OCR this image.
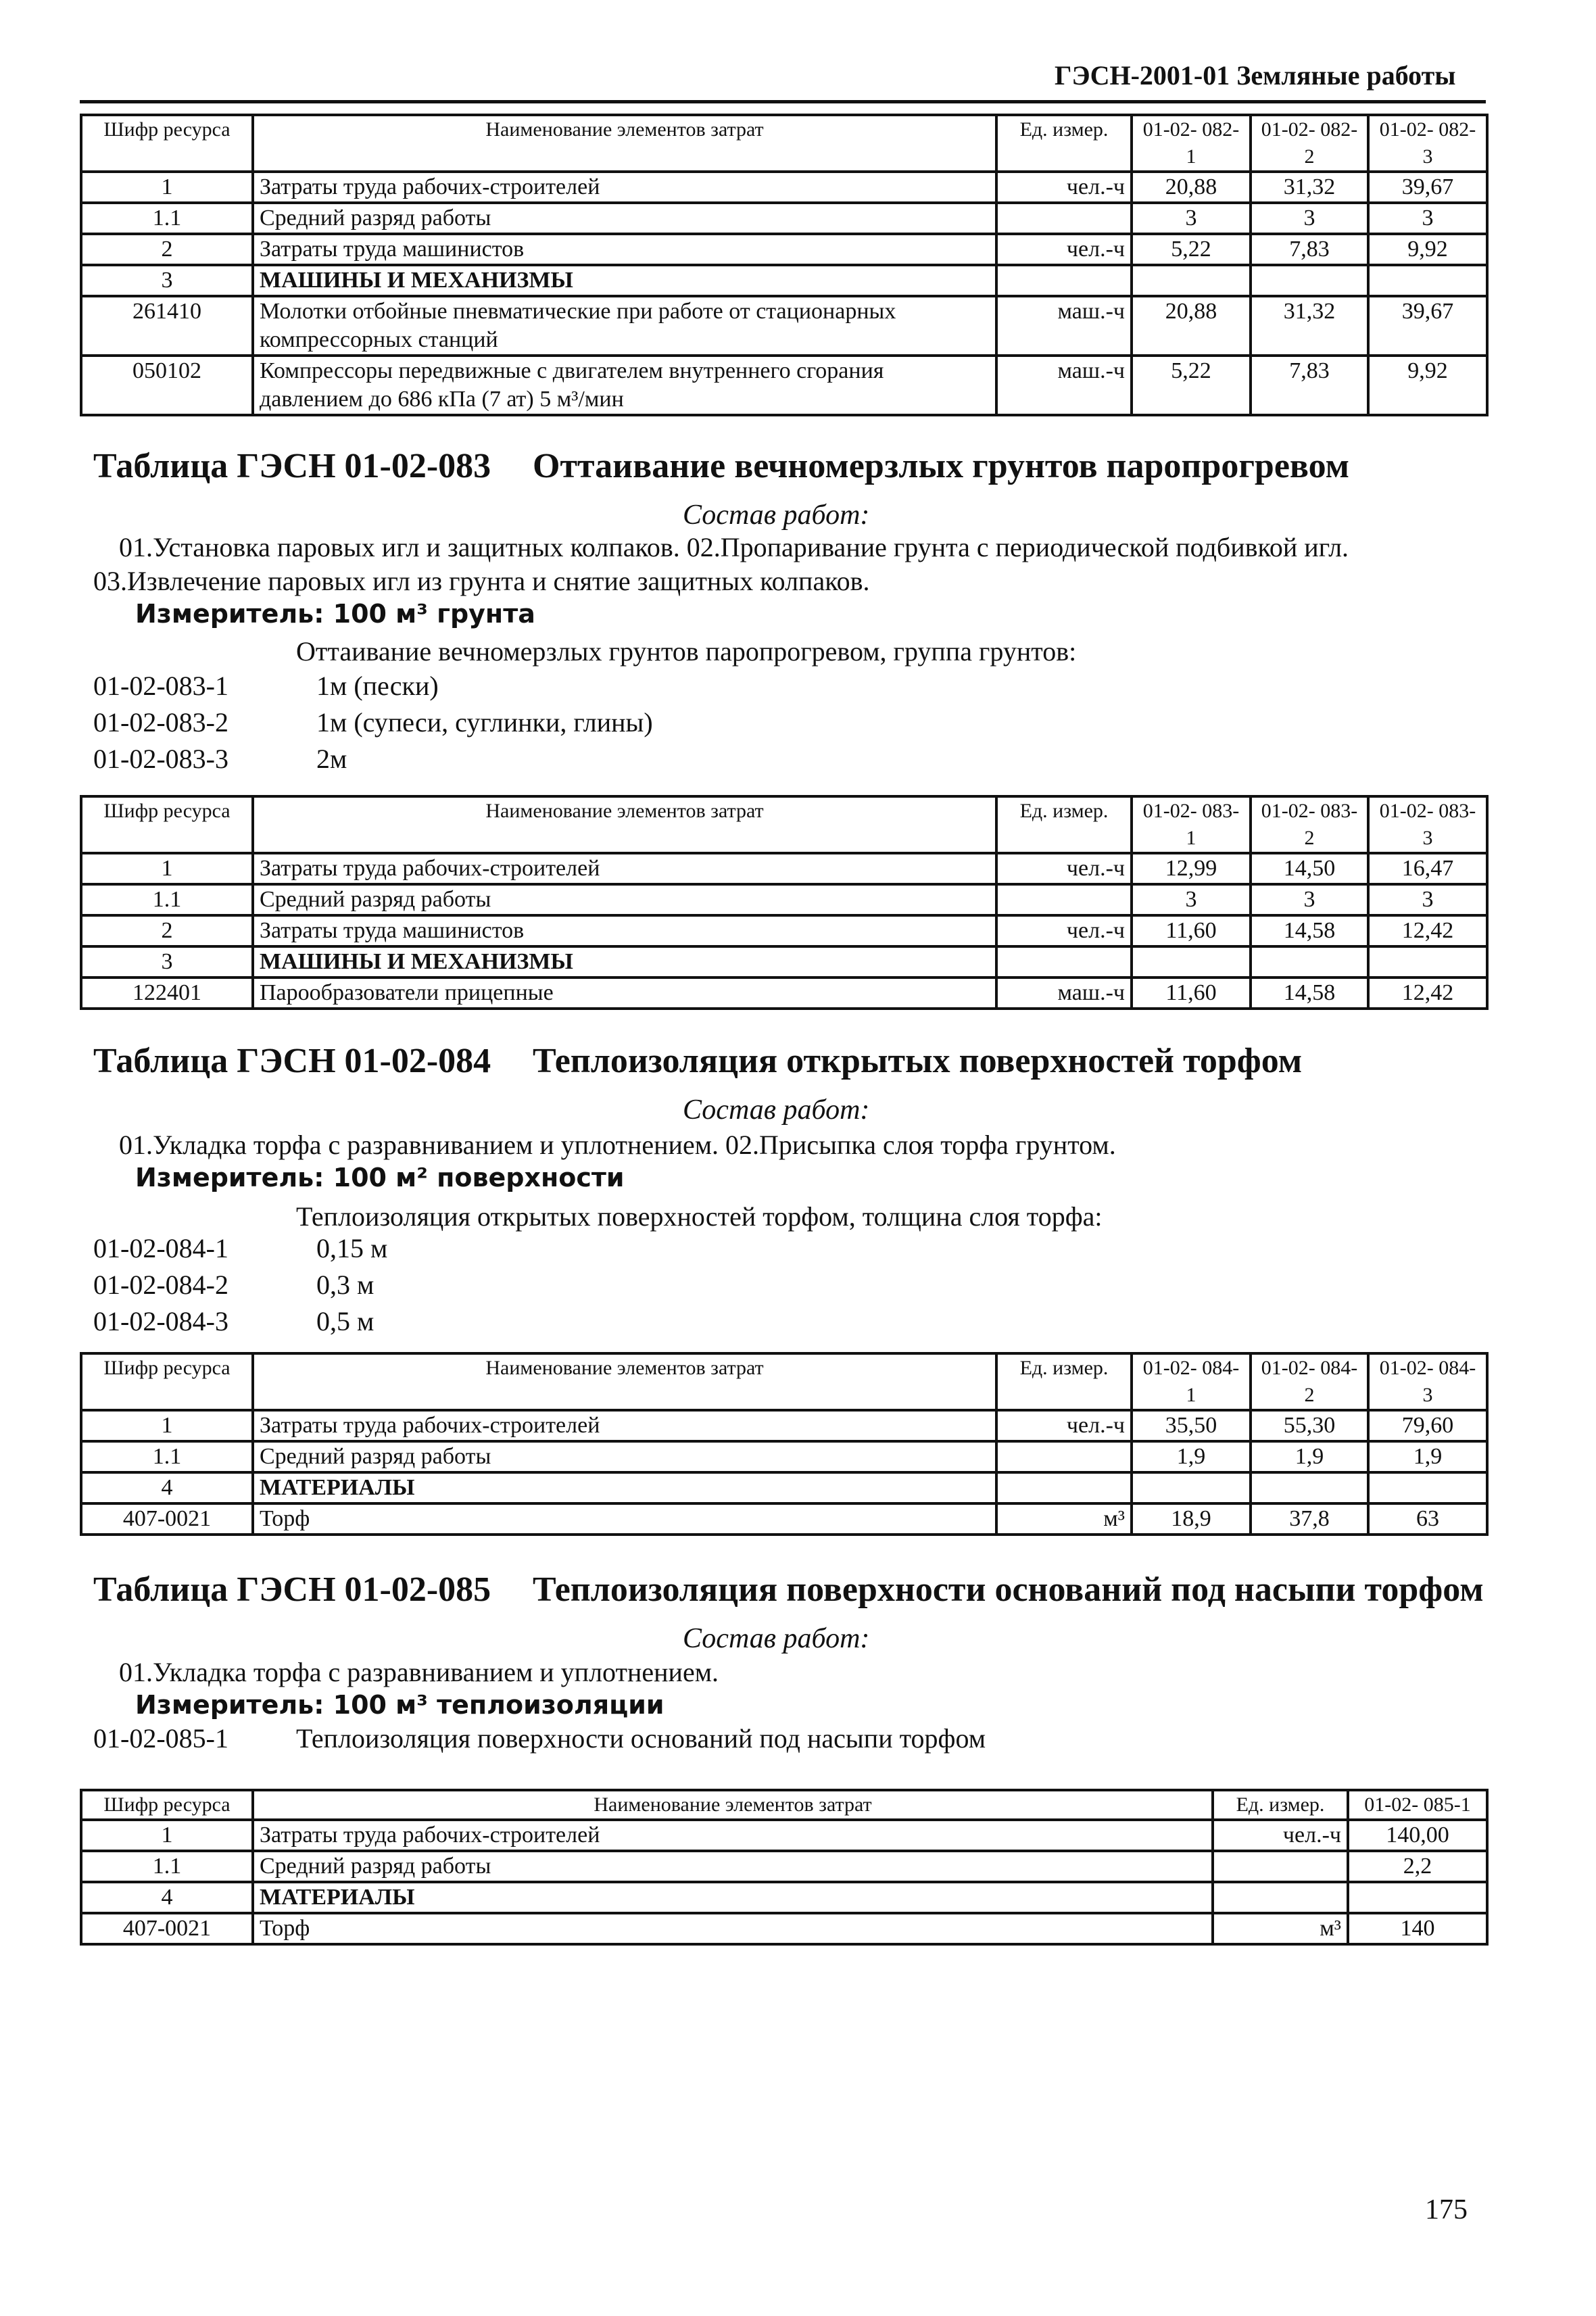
ГЭСН-2001-01 Земляные работы
Шифр ресурса	Наименование элементов затрат	Ед. измер.	01-02- 082-1	01-02- 082-2	01-02- 082-3
1	Затраты труда рабочих-строителей	чел.-ч	20,88	31,32	39,67
1.1	Средний разряд работы		3	3	3
2	Затраты труда машинистов	чел.-ч	5,22	7,83	9,92
3	МАШИНЫ И МЕХАНИЗМЫ				
261410	Молотки отбойные пневматические при работе от стационарных компрессорных станций	маш.-ч	20,88	31,32	39,67
050102	Компрессоры передвижные с двигателем внутреннего сгорания давлением до 686 кПа (7 ат) 5 м³/мин	маш.-ч	5,22	7,83	9,92
Таблица ГЭСН 01-02-083 Оттаивание вечномерзлых грунтов паропрогревом
Состав работ:
01.Установка паровых игл и защитных колпаков. 02.Пропаривание грунта с периодической подбивкой игл.
03.Извлечение паровых игл из грунта и снятие защитных колпаков.
Измеритель: 100 м³ грунта
Оттаивание вечномерзлых грунтов паропрогревом, группа грунтов:
01-02-083-1	1м (пески)
01-02-083-2	1м (супеси, суглинки, глины)
01-02-083-3	2м
Шифр ресурса	Наименование элементов затрат	Ед. измер.	01-02- 083-1	01-02- 083-2	01-02- 083-3
1	Затраты труда рабочих-строителей	чел.-ч	12,99	14,50	16,47
1.1	Средний разряд работы		3	3	3
2	Затраты труда машинистов	чел.-ч	11,60	14,58	12,42
3	МАШИНЫ И МЕХАНИЗМЫ				
122401	Парообразователи прицепные	маш.-ч	11,60	14,58	12,42
Таблица ГЭСН 01-02-084 Теплоизоляция открытых поверхностей торфом
Состав работ:
01.Укладка торфа с разравниванием и уплотнением. 02.Присыпка слоя торфа грунтом.
Измеритель: 100 м² поверхности
Теплоизоляция открытых поверхностей торфом, толщина слоя торфа:
01-02-084-1	0,15 м
01-02-084-2	0,3 м
01-02-084-3	0,5 м
Шифр ресурса	Наименование элементов затрат	Ед. измер.	01-02- 084-1	01-02- 084-2	01-02- 084-3
1	Затраты труда рабочих-строителей	чел.-ч	35,50	55,30	79,60
1.1	Средний разряд работы		1,9	1,9	1,9
4	МАТЕРИАЛЫ				
407-0021	Торф	м³	18,9	37,8	63
Таблица ГЭСН 01-02-085 Теплоизоляция поверхности оснований под насыпи торфом
Состав работ:
01.Укладка торфа с разравниванием и уплотнением.
Измеритель: 100 м³ теплоизоляции
01-02-085-1	Теплоизоляция поверхности оснований под насыпи торфом
Шифр ресурса	Наименование элементов затрат	Ед. измер.	01-02- 085-1
1	Затраты труда рабочих-строителей	чел.-ч	140,00
1.1	Средний разряд работы		2,2
4	МАТЕРИАЛЫ		
407-0021	Торф	м³	140
175
